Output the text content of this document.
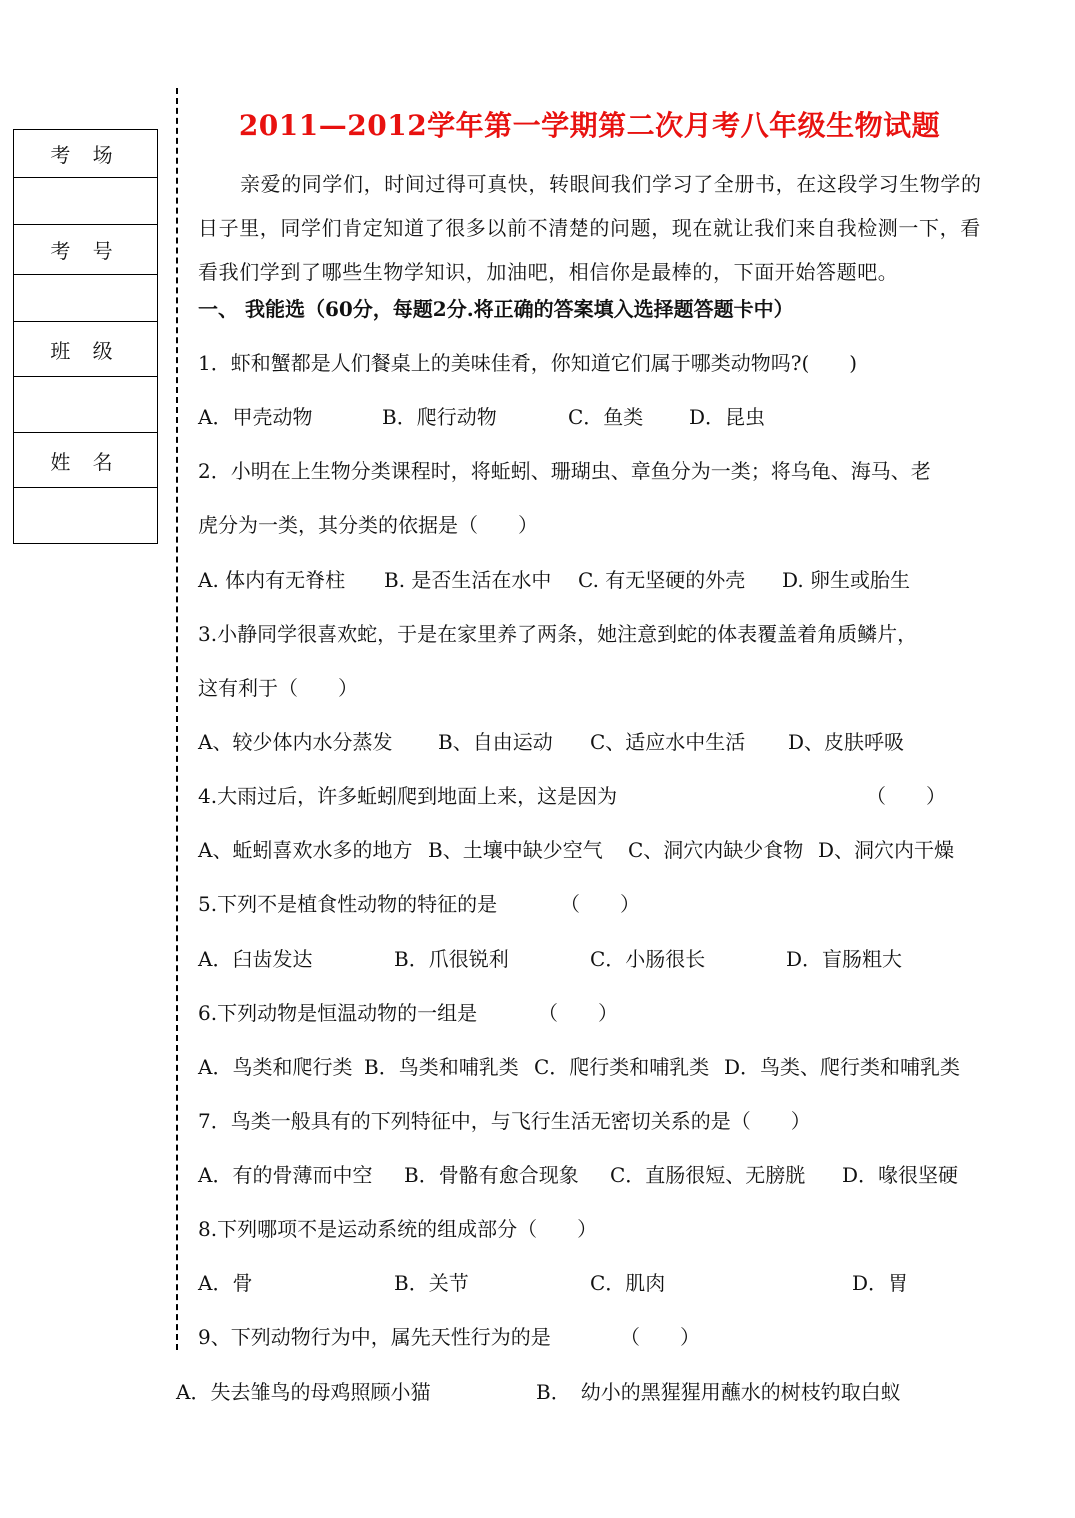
考 场
考 号
班 级
姓 名
2011—2012学年第一学期第二次月考八年级生物试题
亲爱的同学们，时间过得可真快，转眼间我们学习了全册书，在这段学习生物学的日子里，同学们肯定知道了很多以前不清楚的问题，现在就让我们来自我检测一下，看看我们学到了哪些生物学知识，加油吧，相信你是最棒的，下面开始答题吧。
一、 我能选（60分，每题2分.将正确的答案填入选择题答题卡中）
1．虾和蟹都是人们餐桌上的美味佳肴，你知道它们属于哪类动物吗?(　　)
A．甲壳动物	B．爬行动物	C．鱼类 D．昆虫
2．小明在上生物分类课程时，将蚯蚓、珊瑚虫、章鱼分为一类；将乌龟、海马、老
虎分为一类，其分类的依据是（　　）
A. 体内有无脊柱 B. 是否生活在水中 C. 有无坚硬的外壳 D. 卵生或胎生
3.小静同学很喜欢蛇，于是在家里养了两条，她注意到蛇的体表覆盖着角质鳞片，
这有利于（　　）
A、较少体内水分蒸发 B、自由运动 C、适应水中生活 D、皮肤呼吸
4.大雨过后，许多蚯蚓爬到地面上来，这是因为	（　　）
A、蚯蚓喜欢水多的地方 B、土壤中缺少空气 C、洞穴内缺少食物 D、洞穴内干燥
5.下列不是植食性动物的特征的是	（　　）
A．臼齿发达	B．爪很锐利	C．小肠很长	D．盲肠粗大
6.下列动物是恒温动物的一组是	（　　）
A．鸟类和爬行类 B．鸟类和哺乳类 C．爬行类和哺乳类 D．鸟类、爬行类和哺乳类
7．鸟类一般具有的下列特征中，与飞行生活无密切关系的是（　　）
A．有的骨薄而中空 B．骨骼有愈合现象 C．直肠很短、无膀胱 D．喙很坚硬
8.下列哪项不是运动系统的组成部分（　　）
A．骨	B．关节	C．肌肉	D．胃
9、下列动物行为中，属先天性行为的是	（　　）
A．失去雏鸟的母鸡照顾小猫	B．　幼小的黑猩猩用蘸水的树枝钓取白蚁
